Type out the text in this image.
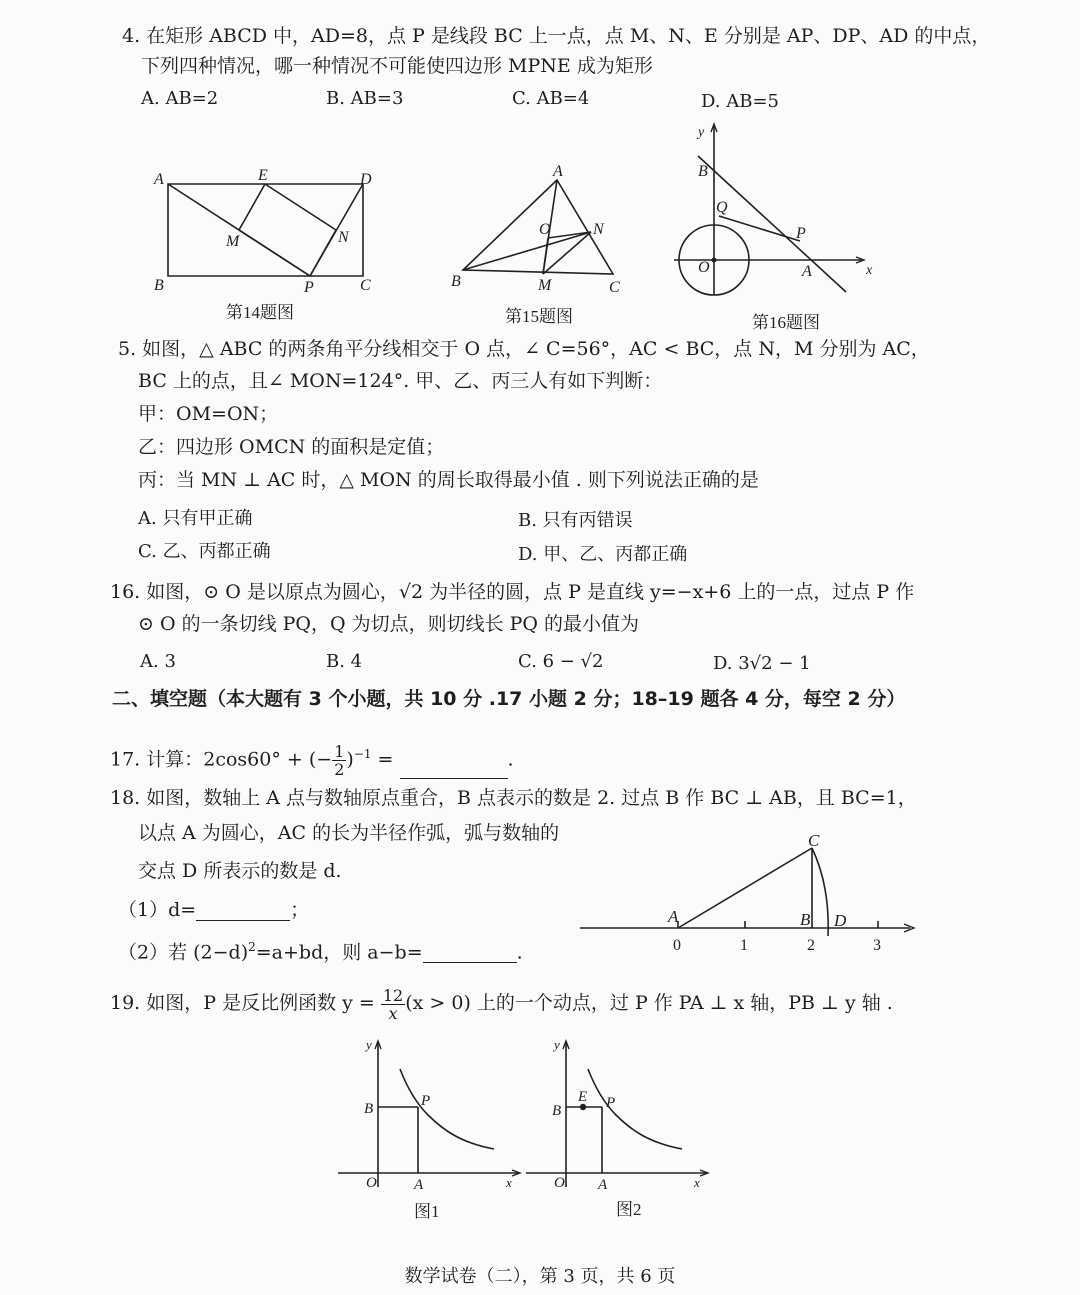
4. 在矩形 ABCD 中，AD=8，点 P 是线段 BC 上一点，点 M、N、E 分别是 AP、DP、AD 的中点，
下列四种情况，哪一种情况不可能使四边形 MPNE 成为矩形
A. AB=2	B. AB=3	C. AB=4	D. AB=5
A	E	D
M	N
B	P	C
第14题图
A
O	N
B	M	C
第15题图
y
B
Q
P
O	A	x
第16题图
5. 如图，△ ABC 的两条角平分线相交于 O 点，∠ C=56°，AC < BC，点 N，M 分别为 AC，
BC 上的点，且∠ MON=124°. 甲、乙、丙三人有如下判断：
甲：OM=ON；
乙：四边形 OMCN 的面积是定值；
丙：当 MN ⊥ AC 时，△ MON 的周长取得最小值 . 则下列说法正确的是
A. 只有甲正确	B. 只有丙错误
C. 乙、丙都正确	D. 甲、乙、丙都正确
16. 如图，⊙ O 是以原点为圆心，√2 为半径的圆，点 P 是直线 y=−x+6 上的一点，过点 P 作
⊙ O 的一条切线 PQ，Q 为切点，则切线长 PQ 的最小值为
A. 3	B. 4	C. 6 − √2	D. 3√2 − 1
二、填空题（本大题有 3 个小题，共 10 分 .17 小题 2 分；18–19 题各 4 分，每空 2 分）
17. 计算：2cos60° + (− $\frac{1}{2} )^{-1}$ =	.
18. 如图，数轴上 A 点与数轴原点重合，B 点表示的数是 2. 过点 B 作 BC ⊥ AB，且 BC=1，
以点 A 为圆心，AC 的长为半径作弧，弧与数轴的
交点 D 所表示的数是 d.
（1）d=	；
（2）若 $(2-d)^2=a+bd$，则 a−b=	.
C
A	B D
0	1	2	3
19. 如图，P 是反比例函数 $y = \frac{12}{x} (x > 0)$ 上的一个动点，过 P 作 PA ⊥ x 轴，PB ⊥ y 轴 .
y
B	P
O A	x
图1
y
E
B	P
O A	x
图2
数学试卷（二），第 3 页，共 6 页
